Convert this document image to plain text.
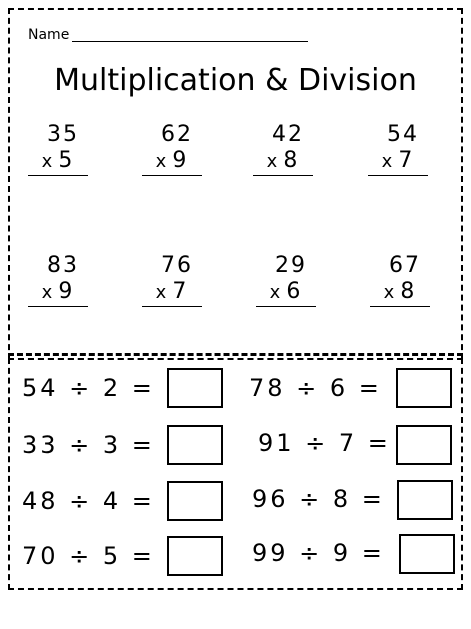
Name
Multiplication & Division
35
x 5
62
x 9
42
x 8
54
x 7
83
x 9
76
x 7
29
x 6
67
x 8
54 ÷ 2 =	78 ÷ 6 =
33 ÷ 3 =	91 ÷ 7 =
48 ÷ 4 =	96 ÷ 8 =
70 ÷ 5 =	99 ÷ 9 =
